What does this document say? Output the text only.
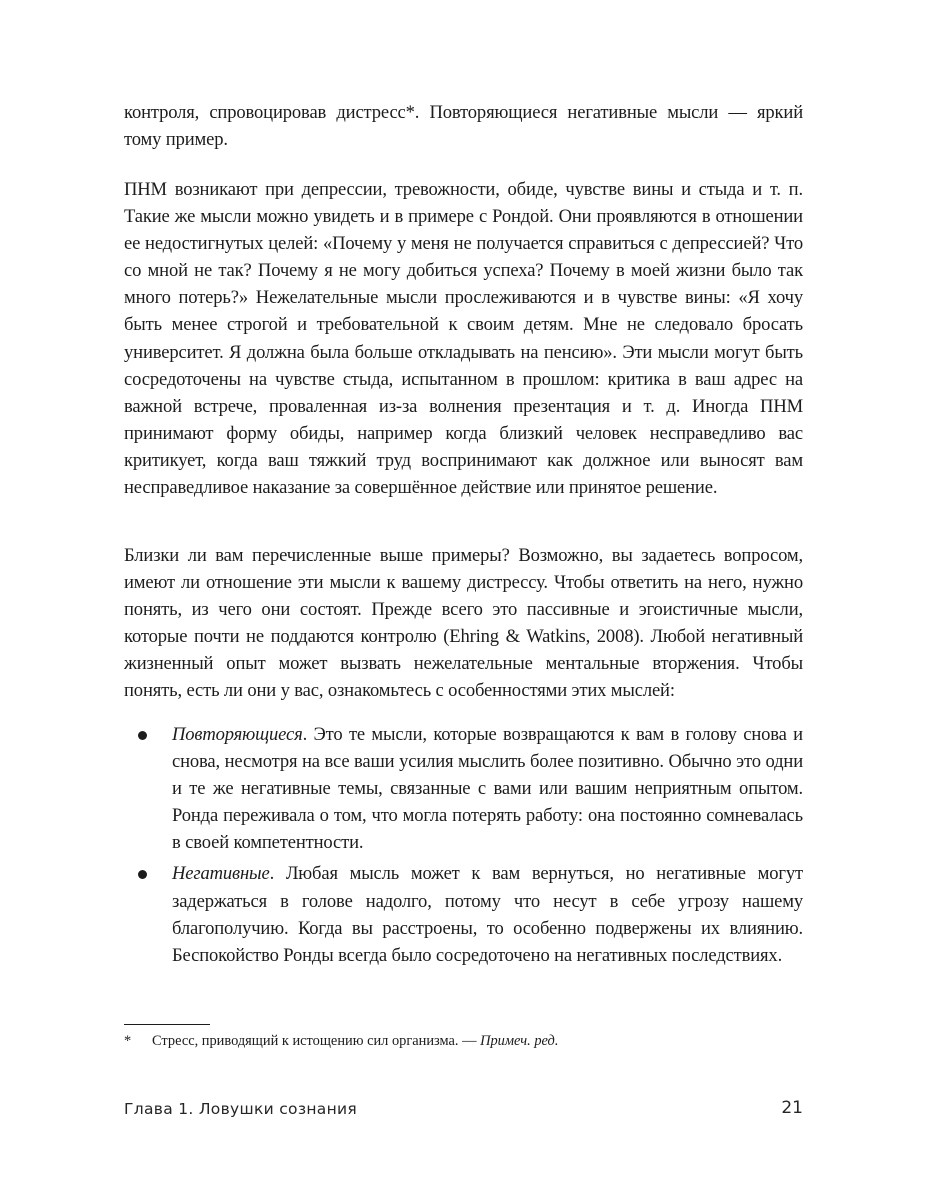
контроля, спровоцировав дистресс*. Повторяющиеся негативные мысли — яркий тому пример.

ПНМ возникают при депрессии, тревожности, обиде, чувстве вины и стыда и т. п. Такие же мысли можно увидеть и в примере с Рондой. Они проявляются в отношении ее недостигнутых целей: «Почему у меня не получается справиться с депрессией? Что со мной не так? Почему я не могу добиться успеха? Почему в моей жизни было так много потерь?» Нежелательные мысли прослеживаются и в чувстве вины: «Я хочу быть менее строгой и требовательной к своим детям. Мне не следовало бросать университет. Я должна была больше откладывать на пенсию». Эти мысли могут быть сосредоточены на чувстве стыда, испытанном в прошлом: критика в ваш адрес на важной встрече, проваленная из-за волнения презентация и т. д. Иногда ПНМ принимают форму обиды, например когда близкий человек несправедливо вас критикует, когда ваш тяжкий труд воспринимают как должное или выносят вам несправедливое наказание за совершённое действие или принятое решение.

Близки ли вам перечисленные выше примеры? Возможно, вы задаетесь вопросом, имеют ли отношение эти мысли к вашему дистрессу. Чтобы ответить на него, нужно понять, из чего они состоят. Прежде всего это пассивные и эгоистичные мысли, которые почти не поддаются контролю (Ehring & Watkins, 2008). Любой негативный жизненный опыт может вызвать нежелательные ментальные вторжения. Чтобы понять, есть ли они у вас, ознакомьтесь с особенностями этих мыслей:

Повторяющиеся. Это те мысли, которые возвращаются к вам в голову снова и снова, несмотря на все ваши усилия мыслить более позитивно. Обычно это одни и те же негативные темы, связанные с вами или вашим неприятным опытом. Ронда переживала о том, что могла потерять работу: она постоянно сомневалась в своей компетентности.
Негативные. Любая мысль может к вам вернуться, но негативные могут задержаться в голове надолго, потому что несут в себе угрозу нашему благополучию. Когда вы расстроены, то особенно подвержены их влиянию. Беспокойство Ронды всегда было сосредоточено на негативных последствиях.

* Стресс, приводящий к истощению сил организма. — Примеч. ред.

Глава 1. Ловушки сознания	21
